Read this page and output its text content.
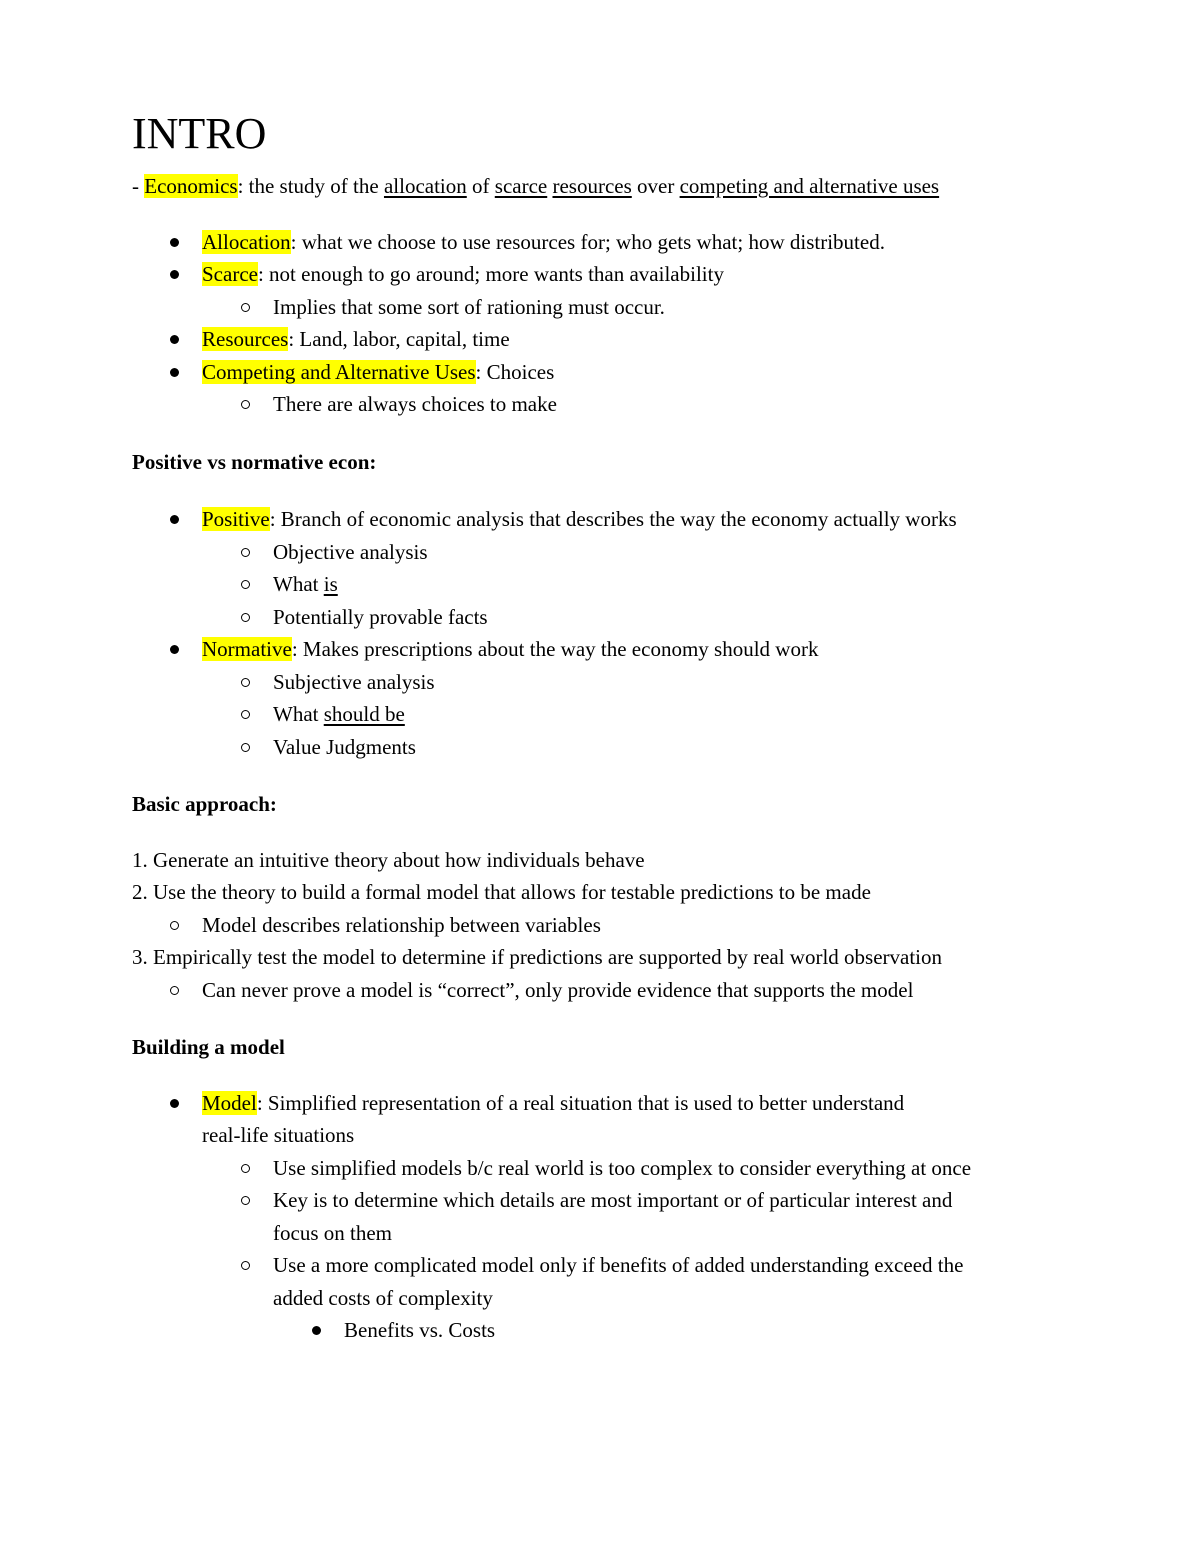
INTRO
- Economics: the study of the allocation of scarce resources over competing and alternative uses
Allocation: what we choose to use resources for; who gets what; how distributed.
Scarce: not enough to go around; more wants than availability
Implies that some sort of rationing must occur.
Resources: Land, labor, capital, time
Competing and Alternative Uses: Choices
There are always choices to make
Positive vs normative econ:
Positive: Branch of economic analysis that describes the way the economy actually works
Objective analysis
What is
Potentially provable facts
Normative: Makes prescriptions about the way the economy should work
Subjective analysis
What should be
Value Judgments
Basic approach:
1. Generate an intuitive theory about how individuals behave
2. Use the theory to build a formal model that allows for testable predictions to be made
Model describes relationship between variables
3. Empirically test the model to determine if predictions are supported by real world observation
Can never prove a model is “correct”, only provide evidence that supports the model
Building a model
Model: Simplified representation of a real situation that is used to better understand
real-life situations
Use simplified models b/c real world is too complex to consider everything at once
Key is to determine which details are most important or of particular interest and
focus on them
Use a more complicated model only if benefits of added understanding exceed the
added costs of complexity
Benefits vs. Costs
